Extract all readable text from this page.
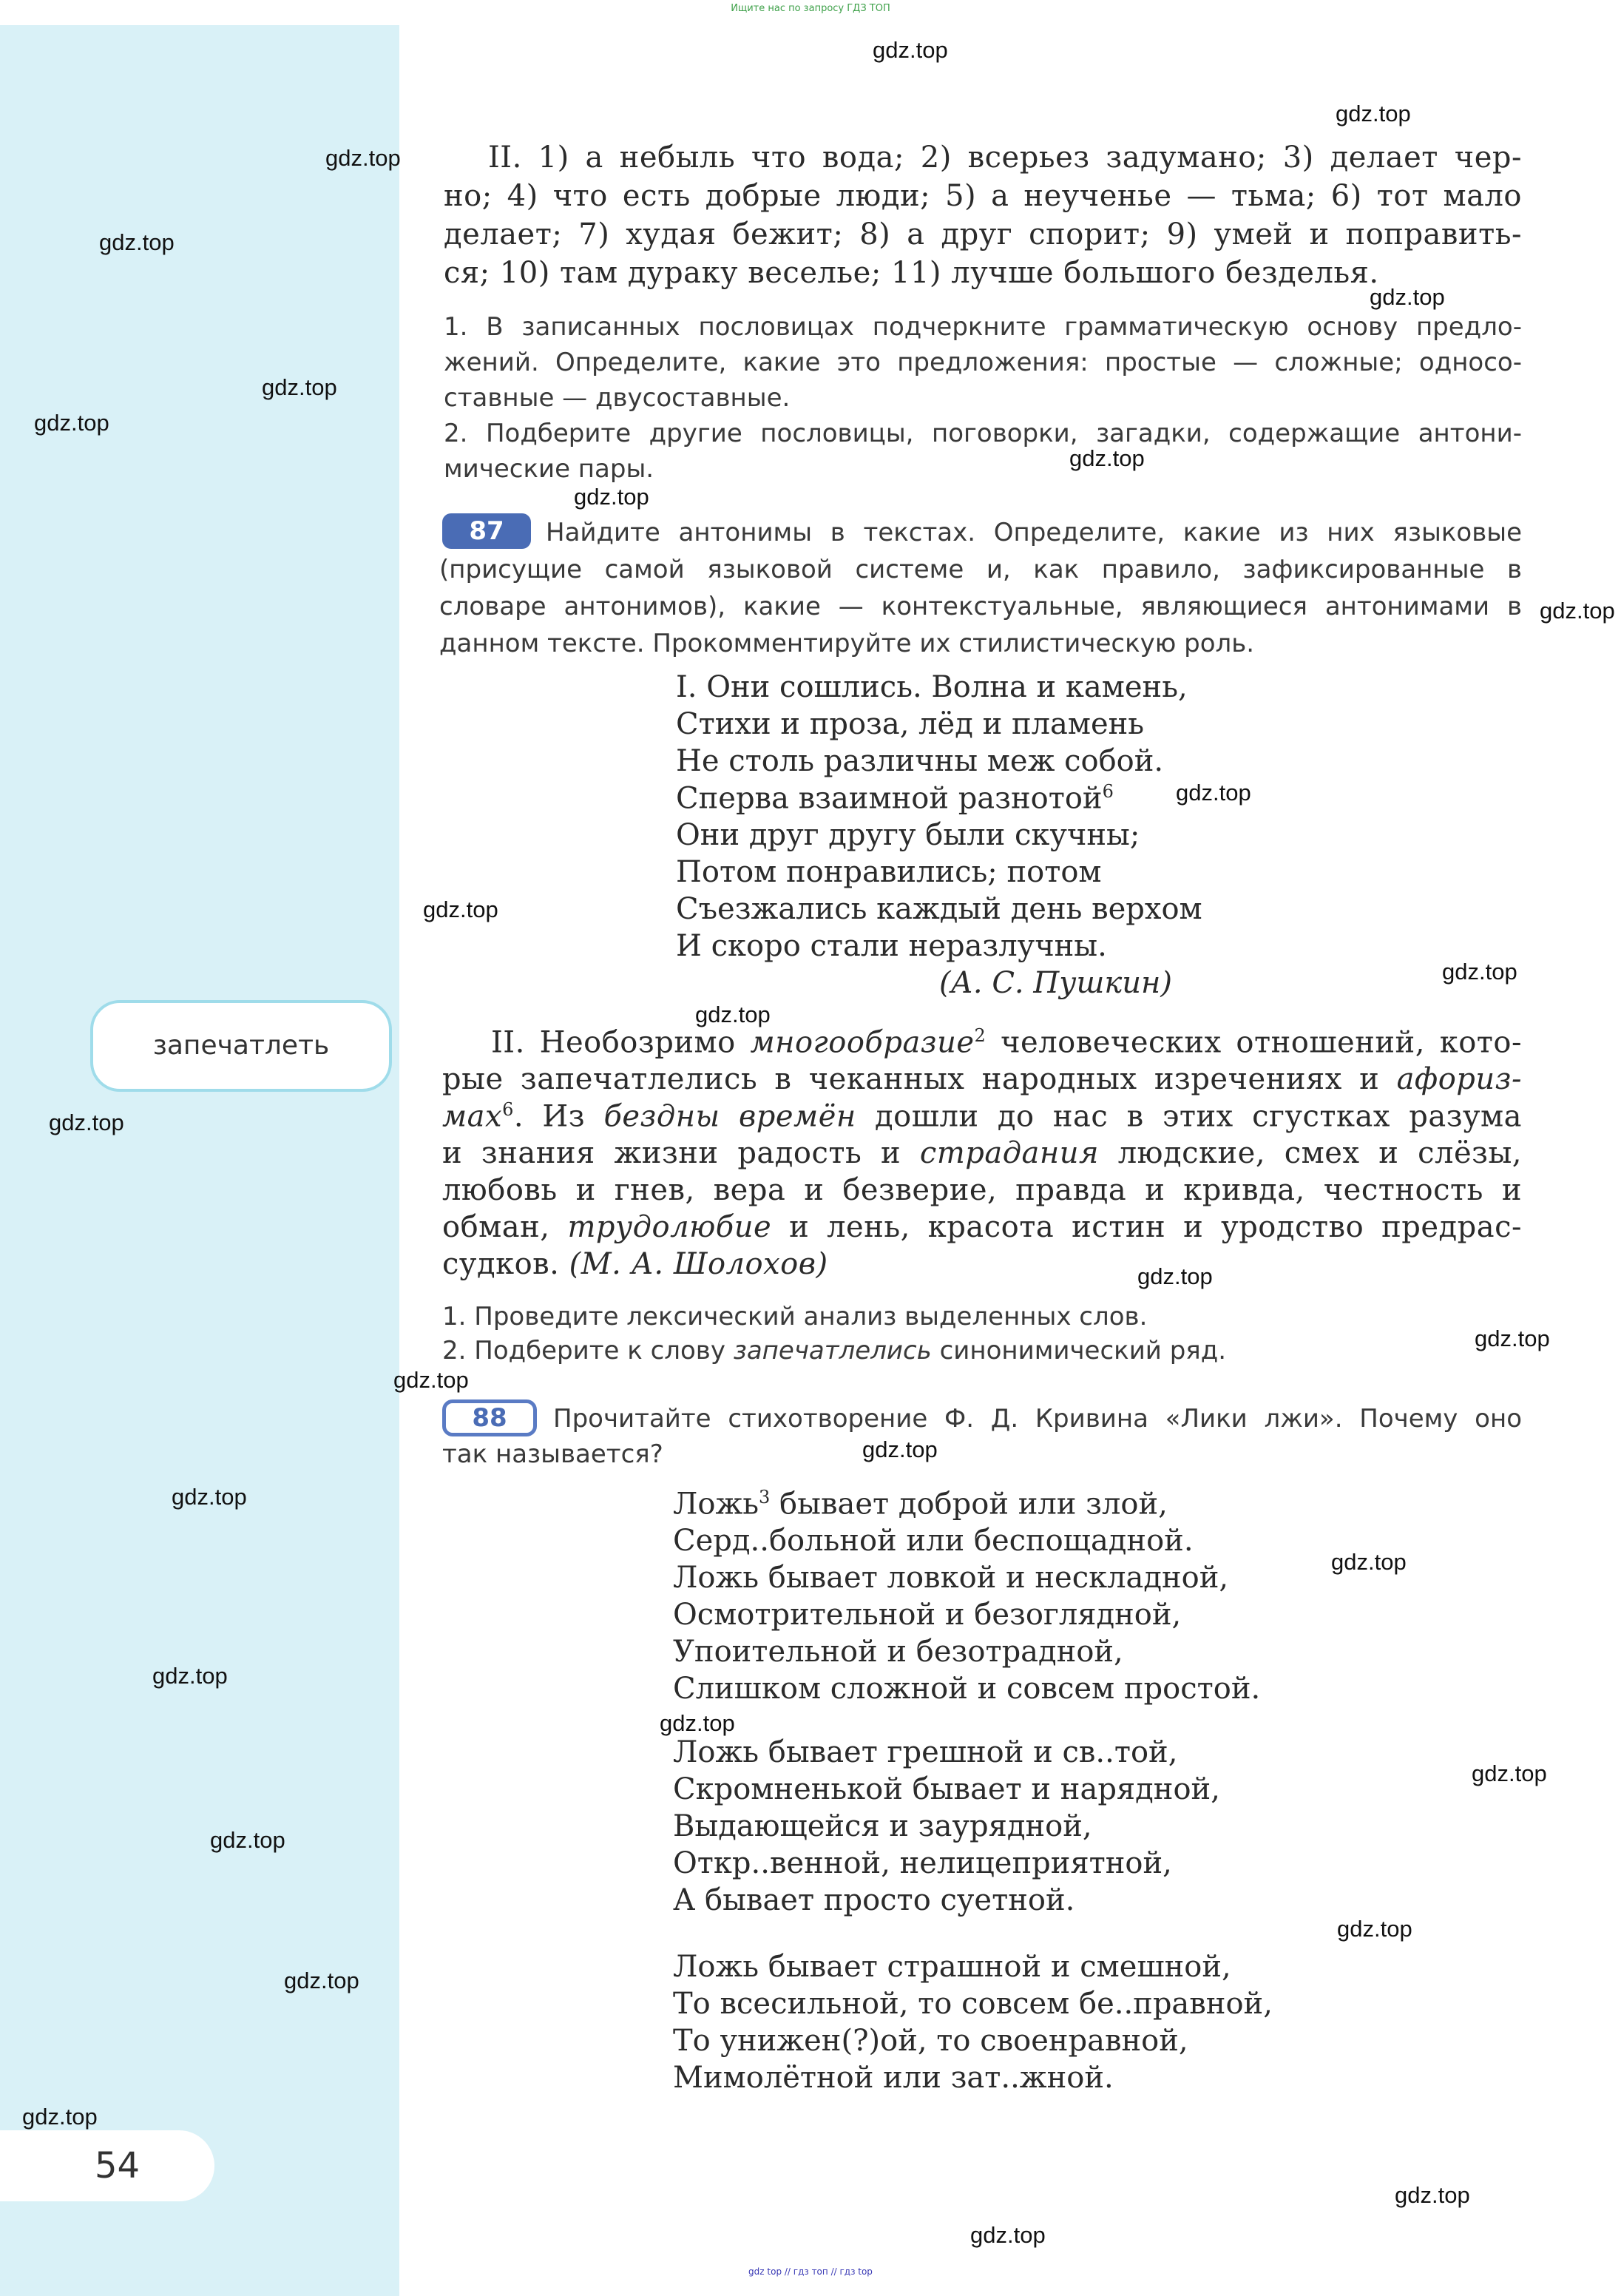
Ищите нас по запросу ГДЗ ТОП
II. 1) а небыль что вода; 2) всерьез задумано; 3) делает чер-
но; 4) что есть добрые люди; 5) а неученье — тьма; 6) тот мало
делает; 7) худая бежит; 8) а друг спорит; 9) умей и поправить-
ся; 10) там дураку веселье; 11) лучше большого безделья.
1. В записанных пословицах подчеркните грамматическую основу предло-
жений. Определите, какие это предложения: простые — сложные; односо-
ставные — двусоставные.
2. Подберите другие пословицы, поговорки, загадки, содержащие антони-
мические пары.
87	Найдите антонимы в текстах. Определите, какие из них языковые
(присущие самой языковой системе и, как правило, зафиксированные в
словаре антонимов), какие — контекстуальные, являющиеся антонимами в
данном тексте. Прокомментируйте их стилистическую роль.
I. Они сошлись. Волна и камень,
Стихи и проза, лёд и пламень
Не столь различны меж собой.
Сперва взаимной разнотой$^6$
Они друг другу были скучны;
Потом понравились; потом
Съезжались каждый день верхом
И скоро стали неразлучны.
(А. С. Пушкин)
II. Необозримо многообразие$^2$ человеческих отношений, кото-
рые запечатлелись в чеканных народных изречениях и афориз-
мах$^6$. Из бездны времён дошли до нас в этих сгустках разума
и знания жизни радость и страдания людские, смех и слёзы,
любовь и гнев, вера и безверие, правда и кривда, честность и
обман, трудолюбие и лень, красота истин и уродство предрас-
судков. (М. А. Шолохов)
1. Проведите лексический анализ выделенных слов.
2. Подберите к слову запечатлелись синонимический ряд.
запечатлеть
88	Прочитайте стихотворение Ф. Д. Кривина «Лики лжи». Почему оно
так называется?
Ложь$^3$ бывает доброй или злой,
Серд..больной или беспощадной.
Ложь бывает ловкой и нескладной,
Осмотрительной и безоглядной,
Упоительной и безотрадной,
Слишком сложной и совсем простой.
Ложь бывает грешной и св..той,
Скромненькой бывает и нарядной,
Выдающейся и заурядной,
Откр..венной, нелицеприятной,
А бывает просто суетной.
Ложь бывает страшной и смешной,
То всесильной, то совсем бе..правной,
То унижен(?)ой, то своенравной,
Мимолётной или зат..жной.
54
gdz.top
gdz.top
gdz.top
gdz.top
gdz.top
gdz.top
gdz.top
gdz.top
gdz.top
gdz.top
gdz.top
gdz.top
gdz.top
gdz.top
gdz.top
gdz.top
gdz.top
gdz.top
gdz.top
gdz.top
gdz.top
gdz.top
gdz.top
gdz.top
gdz.top
gdz.top
gdz.top
gdz.top
gdz.top
gdz.top
gdz top // гдз топ // гдз top
